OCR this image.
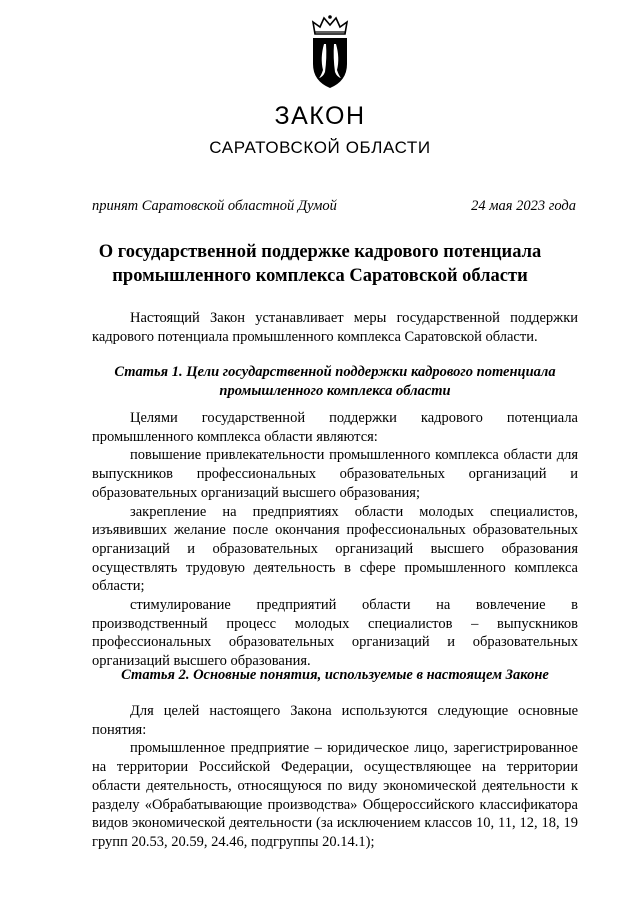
ЗАКОН
САРАТОВСКОЙ ОБЛАСТИ
принят Саратовской областной Думой	24 мая 2023 года
О государственной поддержке кадрового потенциала промышленного комплекса Саратовской области

Настоящий Закон устанавливает меры государственной поддержки кадрового потенциала промышленного комплекса Саратовской области.

Статья 1. Цели государственной поддержки кадрового потенциала промышленного комплекса области

Целями государственной поддержки кадрового потенциала промышленного комплекса области являются:

повышение привлекательности промышленного комплекса области для выпускников профессиональных образовательных организаций и образовательных организаций высшего образования;

закрепление на предприятиях области молодых специалистов, изъявивших желание после окончания профессиональных образовательных организаций и образовательных организаций высшего образования осуществлять трудовую деятельность в сфере промышленного комплекса области;

стимулирование предприятий области на вовлечение в производственный процесс молодых специалистов – выпускников профессиональных образовательных организаций и образовательных организаций высшего образования.

Статья 2. Основные понятия, используемые в настоящем Законе

Для целей настоящего Закона используются следующие основные понятия:

промышленное предприятие – юридическое лицо, зарегистрированное на территории Российской Федерации, осуществляющее на территории области деятельность, относящуюся по виду экономической деятельности к разделу «Обрабатывающие производства» Общероссийского классификатора видов экономической деятельности (за исключением классов 10, 11, 12, 18, 19 групп 20.53, 20.59, 24.46, подгруппы 20.14.1);
